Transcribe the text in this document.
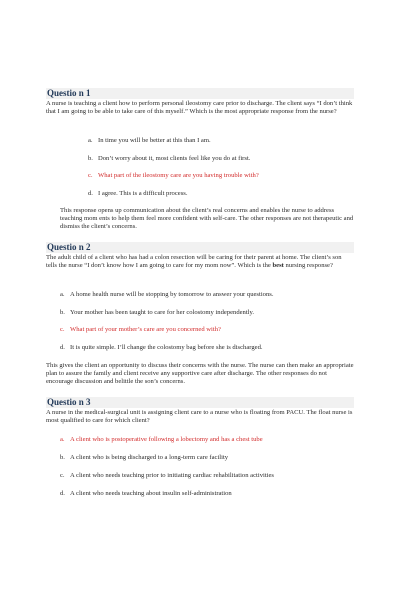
Questio n 1

A nurse is teaching a client how to perform personal ileostomy care prior to discharge. The client says “I don’t think that I am going to be able to take care of this myself.” Which is the most appropriate response from the nurse?

a. In time you will be better at this than I am.
b. Don’t worry about it, most clients feel like you do at first.
c. What part of the ileostomy care are you having trouble with?
d. I agree. This is a difficult process.
This response opens up communication about the client’s real concerns and enables the nurse to address teaching mom ents to help them feel more confident with self-care. The other responses are not therapeutic and dismiss the client’s concerns.
Questio n 2

The adult child of a client who has had a colon resection will be caring for their parent at home. The client’s son tells the nurse “I don’t know how I am going to care for my mom now”. Which is the best nursing response?

a. A home health nurse will be stopping by tomorrow to answer your questions.
b. Your mother has been taught to care for her colostomy independently.
c. What part of your mother’s care are you concerned with?
d. It is quite simple. I’ll change the colostomy bag before she is discharged.
This gives the client an opportunity to discuss their concerns with the nurse. The nurse can then make an appropriate plan to assure the family and client receive any supportive care after discharge. The other responses do not encourage discussion and belittle the son’s concerns.
Questio n 3

A nurse in the medical-surgical unit is assigning client care to a nurse who is floating from PACU. The float nurse is most qualified to care for which client?

a. A client who is postoperative following a lobectomy and has a chest tube
b. A client who is being discharged to a long-term care facility
c. A client who needs teaching prior to initiating cardiac rehabilitation activities
d. A client who needs teaching about insulin self-administration
